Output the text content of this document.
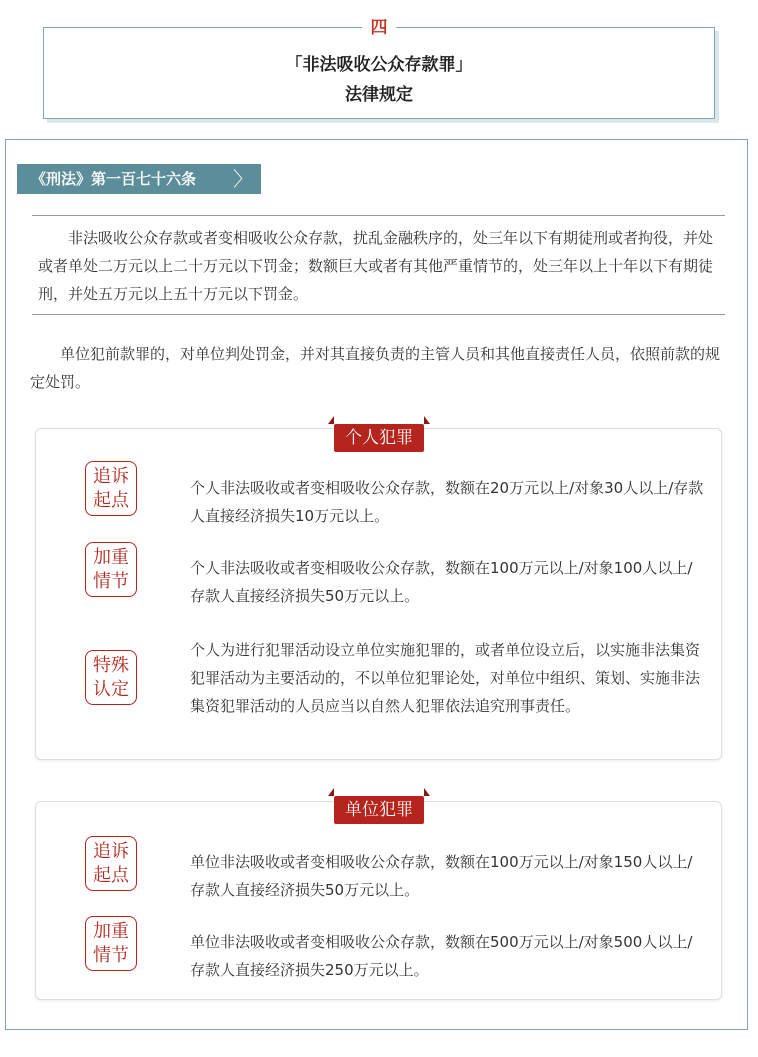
四
「非法吸收公众存款罪」
法律规定
《刑法》第一百七十六条 〉
非法吸收公众存款或者变相吸收公众存款，扰乱金融秩序的，处三年以下有期徒刑或者拘役，并处或者单处二万元以上二十万元以下罚金；数额巨大或者有其他严重情节的，处三年以上十年以下有期徒刑，并处五万元以上五十万元以下罚金。
单位犯前款罪的，对单位判处罚金，并对其直接负责的主管人员和其他直接责任人员，依照前款的规定处罚。
个人犯罪
追诉
起点
个人非法吸收或者变相吸收公众存款，数额在20万元以上/对象30人以上/存款人直接经济损失10万元以上。
加重
情节
个人非法吸收或者变相吸收公众存款，数额在100万元以上/对象100人以上/存款人直接经济损失50万元以上。
特殊
认定
个人为进行犯罪活动设立单位实施犯罪的，或者单位设立后，以实施非法集资犯罪活动为主要活动的，不以单位犯罪论处，对单位中组织、策划、实施非法集资犯罪活动的人员应当以自然人犯罪依法追究刑事责任。
单位犯罪
追诉
起点
单位非法吸收或者变相吸收公众存款，数额在100万元以上/对象150人以上/存款人直接经济损失50万元以上。
加重
情节
单位非法吸收或者变相吸收公众存款，数额在500万元以上/对象500人以上/存款人直接经济损失250万元以上。
